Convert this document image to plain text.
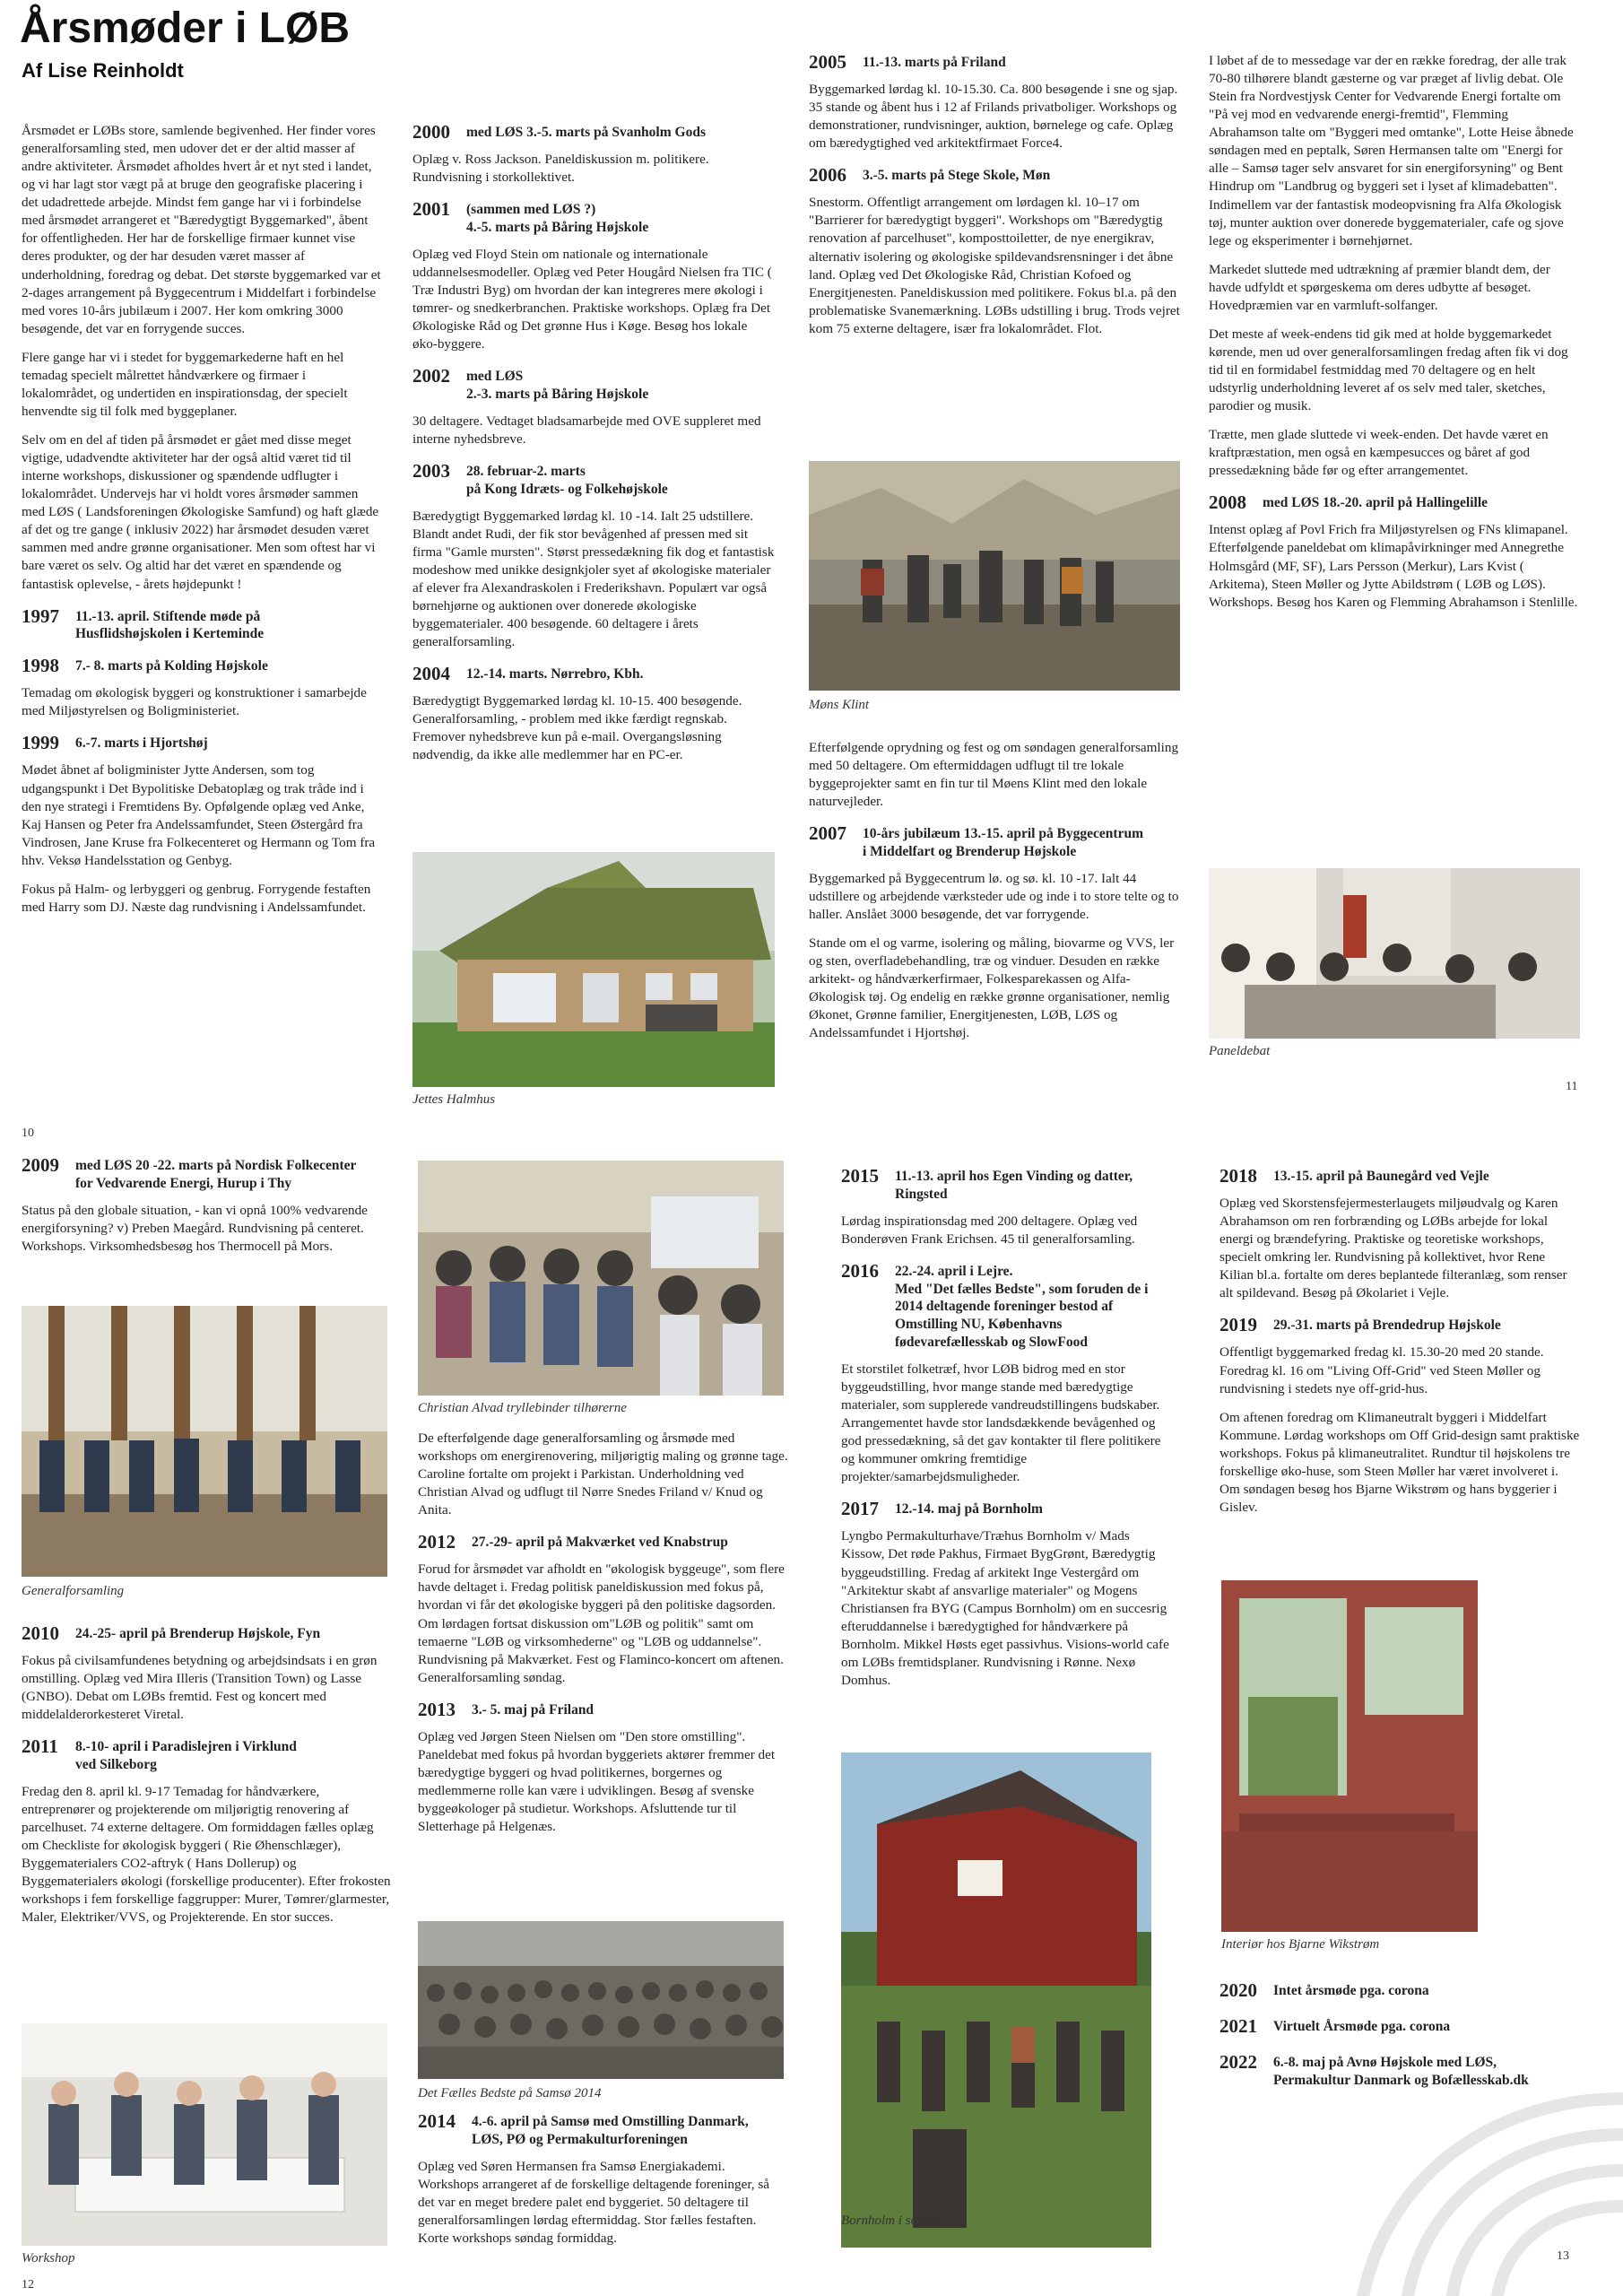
Årsmøder i LØB
Af Lise Reinholdt

Årsmødet er LØBs store, samlende begivenhed. Her finder vores generalforsamling sted, men udover det er der altid masser af andre aktiviteter. Årsmødet afholdes hvert år et nyt sted i landet, og vi har lagt stor vægt på at bruge den geografiske placering i det udadrettede arbejde. Mindst fem gange har vi i forbindelse med årsmødet arrangeret et "Bæredygtigt Byggemarked", åbent for offentligheden. Her har de forskellige firmaer kunnet vise deres produkter, og der har desuden været masser af underholdning, foredrag og debat. Det største byggemarked var et 2-dages arrangement på Byggecentrum i Middelfart i forbindelse med vores 10-års jubilæum i 2007. Her kom omkring 3000 besøgende, det var en forrygende succes.

Flere gange har vi i stedet for byggemarkederne haft en hel temadag specielt målrettet håndværkere og firmaer i lokalområdet, og undertiden en inspirationsdag, der specielt henvendte sig til folk med byggeplaner.

Selv om en del af tiden på årsmødet er gået med disse meget vigtige, udadvendte aktiviteter har der også altid været tid til interne workshops, diskussioner og spændende udflugter i lokalområdet. Undervejs har vi holdt vores årsmøder sammen med LØS ( Landsforeningen Økologiske Samfund) og haft glæde af det og tre gange ( inklusiv 2022) har årsmødet desuden været sammen med andre grønne organisationer. Men som oftest har vi bare været os selv. Og altid har det været en spændende og fantastisk oplevelse, - årets højdepunkt !

1997	11.-13. april. Stiftende møde på
Husflidshøjskolen i Kerteminde
1998	7.- 8. marts på Kolding Højskole

Temadag om økologisk byggeri og konstruktioner i samarbejde med Miljøstyrelsen og Boligministeriet.

1999	6.-7. marts i Hjortshøj

Mødet åbnet af boligminister Jytte Andersen, som tog udgangspunkt i Det Bypolitiske Debatoplæg og trak tråde ind i den nye strategi i Fremtidens By. Opfølgende oplæg ved Anke, Kaj Hansen og Peter fra Andelssamfundet, Steen Østergård fra Vindrosen, Jane Kruse fra Folkecenteret og Hermann og Tom fra hhv. Veksø Handelsstation og Genbyg.

Fokus på Halm- og lerbyggeri og genbrug. Forrygende festaften med Harry som DJ. Næste dag rundvisning i Andelssamfundet.

2000	med LØS 3.-5. marts på Svanholm Gods

Oplæg v. Ross Jackson. Paneldiskussion m. politikere. Rundvisning i storkollektivet.

2001	(sammen med LØS ?)
4.-5. marts på Båring Højskole

Oplæg ved Floyd Stein om nationale og internationale uddannelsesmodeller. Oplæg ved Peter Hougård Nielsen fra TIC ( Træ Industri Byg) om hvordan der kan integreres mere økologi i tømrer- og snedkerbranchen. Praktiske workshops. Oplæg fra Det Økologiske Råd og Det grønne Hus i Køge. Besøg hos lokale øko-byggere.

2002	med LØS
2.-3. marts på Båring Højskole

30 deltagere. Vedtaget bladsamarbejde med OVE suppleret med interne nyhedsbreve.

2003	28. februar-2. marts
på Kong Idræts- og Folkehøjskole

Bæredygtigt Byggemarked lørdag kl. 10 -14. Ialt 25 udstillere. Blandt andet Rudi, der fik stor bevågenhed af pressen med sit firma "Gamle mursten". Størst pressedækning fik dog et fantastisk modeshow med unikke designkjoler syet af økologiske materialer af elever fra Alexandraskolen i Frederikshavn. Populært var også børnehjørne og auktionen over donerede økologiske byggematerialer. 400 besøgende. 60 deltagere i årets generalforsamling.

2004	12.-14. marts. Nørrebro, Kbh.

Bæredygtigt Byggemarked lørdag kl. 10-15. 400 besøgende. Generalforsamling, - problem med ikke færdigt regnskab. Fremover nyhedsbreve kun på e-mail. Overgangsløsning nødvendig, da ikke alle medlemmer har en PC-er.

Jettes Halmhus
2005	11.-13. marts på Friland

Byggemarked lørdag kl. 10-15.30. Ca. 800 besøgende i sne og sjap. 35 stande og åbent hus i 12 af Frilands privatboliger. Workshops og demonstrationer, rundvisninger, auktion, børnelege og cafe. Oplæg om bæredygtighed ved arkitektfirmaet Force4.

2006	3.-5. marts på Stege Skole, Møn

Snestorm. Offentligt arrangement om lørdagen kl. 10–17 om "Barrierer for bæredygtigt byggeri". Workshops om "Bæredygtig renovation af parcelhuset", komposttoiletter, de nye energikrav, alternativ isolering og økologiske spildevandsrensninger i det åbne land. Oplæg ved Det Økologiske Råd, Christian Kofoed og Energitjenesten. Paneldiskussion med politikere. Fokus bl.a. på den problematiske Svanemærkning. LØBs udstilling i brug. Trods vejret kom 75 externe deltagere, især fra lokalområdet. Flot.

Møns Klint

Efterfølgende oprydning og fest og om søndagen generalforsamling med 50 deltagere. Om eftermiddagen udflugt til tre lokale byggeprojekter samt en fin tur til Møens Klint med den lokale naturvejleder.

2007	10-års jubilæum 13.-15. april på Byggecentrum
i Middelfart og Brenderup Højskole

Byggemarked på Byggecentrum lø. og sø. kl. 10 -17. Ialt 44 udstillere og arbejdende værksteder ude og inde i to store telte og to haller. Anslået 3000 besøgende, det var forrygende.

Stande om el og varme, isolering og måling, biovarme og VVS, ler og sten, overfladebehandling, træ og vinduer. Desuden en række arkitekt- og håndværkerfirmaer, Folkesparekassen og Alfa-Økologisk tøj. Og endelig en række grønne organisationer, nemlig Økonet, Grønne familier, Energitjenesten, LØB, LØS og Andelssamfundet i Hjortshøj.

I løbet af de to messedage var der en række foredrag, der alle trak 70-80 tilhørere blandt gæsterne og var præget af livlig debat. Ole Stein fra Nordvestjysk Center for Vedvarende Energi fortalte om "På vej mod en vedvarende energi-fremtid", Flemming Abrahamson talte om "Byggeri med omtanke", Lotte Heise åbnede søndagen med en peptalk, Søren Hermansen talte om "Energi for alle – Samsø tager selv ansvaret for sin energiforsyning" og Bent Hindrup om "Landbrug og byggeri set i lyset af klimadebatten". Indimellem var der fantastisk modeopvisning fra Alfa Økologisk tøj, munter auktion over donerede byggematerialer, cafe og sjove lege og eksperimenter i børnehjørnet.

Markedet sluttede med udtrækning af præmier blandt dem, der havde udfyldt et spørgeskema om deres udbytte af besøget. Hovedpræmien var en varmluft-solfanger.

Det meste af week-endens tid gik med at holde byggemarkedet kørende, men ud over generalforsamlingen fredag aften fik vi dog tid til en formidabel festmiddag med 70 deltagere og en helt udstyrlig underholdning leveret af os selv med taler, sketches, parodier og musik.

Trætte, men glade sluttede vi week-enden. Det havde været en kraftpræstation, men også en kæmpesucces og båret af god pressedækning både før og efter arrangementet.

2008	med LØS 18.-20. april på Hallingelille

Intenst oplæg af Povl Frich fra Miljøstyrelsen og FNs klimapanel. Efterfølgende paneldebat om klimapåvirkninger med Annegrethe Holmsgård (MF, SF), Lars Persson (Merkur), Lars Kvist ( Arkitema), Steen Møller og Jytte Abildstrøm ( LØB og LØS). Workshops. Besøg hos Karen og Flemming Abrahamson i Stenlille.

Paneldebat
10
11
2009	med LØS 20 -22. marts på Nordisk Folkecenter
for Vedvarende Energi, Hurup i Thy

Status på den globale situation, - kan vi opnå 100% vedvarende energiforsyning? v) Preben Maegård. Rundvisning på centeret. Workshops. Virksomhedsbesøg hos Thermocell på Mors.

Generalforsamling
2010	24.-25- april på Brenderup Højskole, Fyn

Fokus på civilsamfundenes betydning og arbejdsindsats i en grøn omstilling. Oplæg ved Mira Illeris (Transition Town) og Lasse (GNBO). Debat om LØBs fremtid. Fest og koncert med middelalderorkesteret Viretal.

2011	8.-10- april i Paradislejren i Virklund
ved Silkeborg

Fredag den 8. april kl. 9-17 Temadag for håndværkere, entreprenører og projekterende om miljørigtig renovering af parcelhuset. 74 externe deltagere. Om formiddagen fælles oplæg om Checkliste for økologisk byggeri ( Rie Øhenschlæger), Byggematerialers CO2-aftryk ( Hans Dollerup) og Byggematerialers økologi (forskellige producenter). Efter frokosten workshops i fem forskellige faggrupper: Murer, Tømrer/glarmester, Maler, Elektriker/VVS, og Projekterende. En stor succes.

Workshop
12
Christian Alvad tryllebinder tilhørerne

De efterfølgende dage generalforsamling og årsmøde med workshops om energirenovering, miljørigtig maling og grønne tage. Caroline fortalte om projekt i Parkistan. Underholdning ved Christian Alvad og udflugt til Nørre Snedes Friland v/ Knud og Anita.

2012	27.-29- april på Makværket ved Knabstrup

Forud for årsmødet var afholdt en "økologisk byggeuge", som flere havde deltaget i. Fredag politisk paneldiskussion med fokus på, hvordan vi får det økologiske byggeri på den politiske dagsorden. Om lørdagen fortsat diskussion om"LØB og politik" samt om temaerne "LØB og virksomhederne" og "LØB og uddannelse". Rundvisning på Makværket. Fest og Flaminco-koncert om aftenen. Generalforsamling søndag.

2013	3.- 5. maj på Friland

Oplæg ved Jørgen Steen Nielsen om "Den store omstilling". Paneldebat med fokus på hvordan byggeriets aktører fremmer det bæredygtige byggeri og hvad politikernes, borgernes og medlemmerne rolle kan være i udviklingen. Besøg af svenske byggeøkologer på studietur. Workshops. Afsluttende tur til Sletterhage på Helgenæs.

Det Fælles Bedste på Samsø 2014
2014	4.-6. april på Samsø med Omstilling Danmark,
LØS, PØ og Permakulturforeningen

Oplæg ved Søren Hermansen fra Samsø Energiakademi. Workshops arrangeret af de forskellige deltagende foreninger, så det var en meget bredere palet end byggeriet. 50 deltagere til generalforsamlingen lørdag eftermiddag. Stor fælles festaften. Korte workshops søndag formiddag.

2015	11.-13. april hos Egen Vinding og datter,
Ringsted

Lørdag inspirationsdag med 200 deltagere. Oplæg ved Bonderøven Frank Erichsen. 45 til generalforsamling.

2016	22.-24. april i Lejre.
Med "Det fælles Bedste", som foruden de i 2014 deltagende foreninger bestod af Omstilling NU, Københavns fødevarefællesskab og SlowFood

Et storstilet folketræf, hvor LØB bidrog med en stor byggeudstilling, hvor mange stande med bæredygtige materialer, som supplerede vandreudstillingens budskaber. Arrangementet havde stor landsdækkende bevågenhed og god pressedækning, så det gav kontakter til flere politikere og kommuner omkring fremtidige projekter/samarbejdsmuligheder.

2017	12.-14. maj på Bornholm

Lyngbo Permakulturhave/Træhus Bornholm v/ Mads Kissow, Det røde Pakhus, Firmaet BygGrønt, Bæredygtig byggeudstilling. Fredag af arkitekt Inge Vestergård om "Arkitektur skabt af ansvarlige materialer" og Mogens Christiansen fra BYG (Campus Bornholm) om en succesrig efteruddannelse i bæredygtighed for håndværkere på Bornholm. Mikkel Høsts eget passivhus. Visions-world cafe om LØBs fremtidsplaner. Rundvisning i Rønne. Nexø Domhus.

Bornholm i solskin
2018	13.-15. april på Baunegård ved Vejle

Oplæg ved Skorstensfejermesterlaugets miljøudvalg og Karen Abrahamson om ren forbrænding og LØBs arbejde for lokal energi og brændefyring. Praktiske og teoretiske workshops, specielt omkring ler. Rundvisning på kollektivet, hvor Rene Kilian bl.a. fortalte om deres beplantede filteranlæg, som renser alt spildevand. Besøg på Økolariet i Vejle.

2019	29.-31. marts på Brendedrup Højskole

Offentligt byggemarked fredag kl. 15.30-20 med 20 stande. Foredrag kl. 16 om "Living Off-Grid" ved Steen Møller og rundvisning i stedets nye off-grid-hus.

Om aftenen foredrag om Klimaneutralt byggeri i Middelfart Kommune. Lørdag workshops om Off Grid-design samt praktiske workshops. Fokus på klimaneutralitet. Rundtur til højskolens tre forskellige øko-huse, som Steen Møller har været involveret i. Om søndagen besøg hos Bjarne Wikstrøm og hans byggerier i Gislev.

Interiør hos Bjarne Wikstrøm
2020	Intet årsmøde pga. corona
2021	Virtuelt Årsmøde pga. corona
2022	6.-8. maj på Avnø Højskole med LØS,
Permakultur Danmark og Bofællesskab.dk
13
